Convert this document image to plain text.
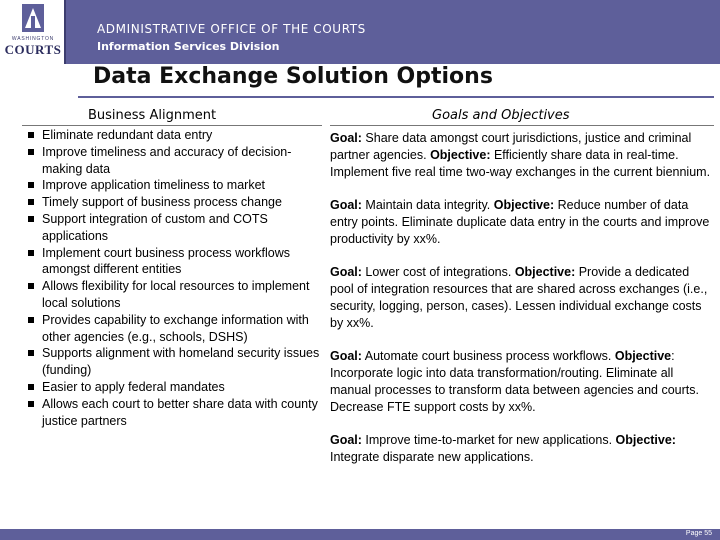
WASHINGTON
COURTS
ADMINISTRATIVE OFFICE OF THE COURTS
Information Services Division
Data Exchange Solution Options
Business Alignment	Goals and Objectives
Eliminate redundant data entry
Improve timeliness and accuracy of decision-making data
Improve application timeliness to market
Timely support of business process change
Support integration of custom and COTS applications
Implement court business process workflows amongst different entities
Allows flexibility for local resources to implement local solutions
Provides capability to exchange information with other agencies (e.g., schools, DSHS)
Supports alignment with homeland security issues (funding)
Easier to apply federal mandates
Allows each court to better share data with county justice partners

Goal: Share data amongst court jurisdictions, justice and criminal partner agencies. Objective: Efficiently share data in real-time. Implement five real time two-way exchanges in the current biennium.

Goal: Maintain data integrity. Objective: Reduce number of data entry points. Eliminate duplicate data entry in the courts and improve productivity by xx%.

Goal: Lower cost of integrations. Objective: Provide a dedicated pool of integration resources that are shared across exchanges (i.e., security, logging, person, cases). Lessen individual exchange costs by xx%.

Goal: Automate court business process workflows. Objective: Incorporate logic into data transformation/routing. Eliminate all manual processes to transform data between agencies and courts. Decrease FTE support costs by xx%.

Goal: Improve time-to-market for new applications. Objective: Integrate disparate new applications.

Page 55
